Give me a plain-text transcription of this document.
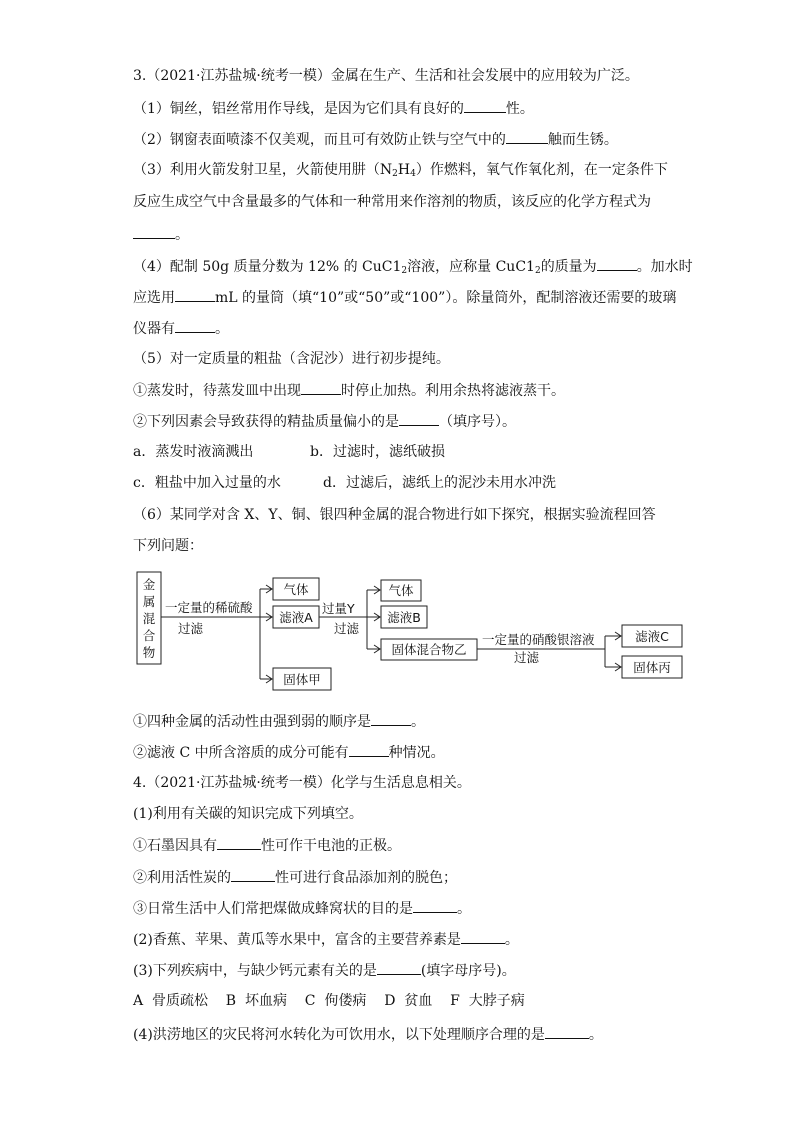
3.（2021·江苏盐城·统考一模）金属在生产、生活和社会发展中的应用较为广泛。
（1）铜丝，铝丝常用作导线，是因为它们具有良好的	性。
（2）钢窗表面喷漆不仅美观，而且可有效防止铁与空气中的	触而生锈。
（3）利用火箭发射卫星，火箭使用肼$(N_2H_4)$作燃料，氧气作氧化剂，在一定条件下
反应生成空气中含量最多的气体和一种常用来作溶剂的物质，该反应的化学方程式为
。
（4）配制 50g 质量分数为 12% 的 $CuC1_2$溶液，应称量 $CuC1_2$的质量为	。加水时
应选用	mL 的量筒（填“10”或“50”或“100”）。除量筒外，配制溶液还需要的玻璃
仪器有	。
（5）对一定质量的粗盐（含泥沙）进行初步提纯。
①蒸发时，待蒸发皿中出现	时停止加热。利用余热将滤液蒸干。
②下列因素会导致获得的精盐质量偏小的是	（填序号）。
a．蒸发时液滴溅出	b．过滤时，滤纸破损
c．粗盐中加入过量的水	d．过滤后，滤纸上的泥沙未用水冲洗
（6）某同学对含 X、Y、铜、银四种金属的混合物进行如下探究，根据实验流程回答
下列问题：
金
属
混
合
物
一定量的稀硫酸
过滤
气体
滤液A
固体甲
过量Y
过滤
气体
滤液B
固体混合物乙
一定量的硝酸银溶液
过滤
滤液C
固体丙
①四种金属的活动性由强到弱的顺序是	。
②滤液 C 中所含溶质的成分可能有	种情况。
4.（2021·江苏盐城·统考一模）化学与生活息息相关。
(1)利用有关碳的知识完成下列填空。
①石墨因具有	性可作干电池的正极。
②利用活性炭的	性可进行食品添加剂的脱色；
③日常生活中人们常把煤做成蜂窝状的目的是	。
(2)香蕉、苹果、黄瓜等水果中，富含的主要营养素是	。
(3)下列疾病中，与缺少钙元素有关的是	(填字母序号)。
A  骨质疏松    B  坏血病    C  佝偻病    D  贫血    F  大脖子病
(4)洪涝地区的灾民将河水转化为可饮用水，以下处理顺序合理的是	。
